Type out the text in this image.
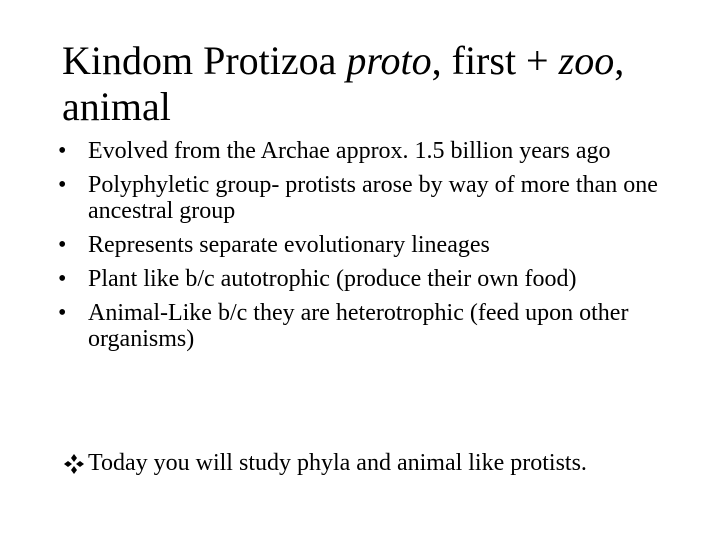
Kindom Protizoa proto, first + zoo, animal
• Evolved from the Archae approx. 1.5 billion years ago
• Polyphyletic group- protists arose by way of more than one ancestral group
• Represents separate evolutionary lineages
• Plant like b/c autotrophic (produce their own food)
• Animal-Like b/c they are heterotrophic (feed upon other organisms)
Today you will study phyla and animal like protists.
